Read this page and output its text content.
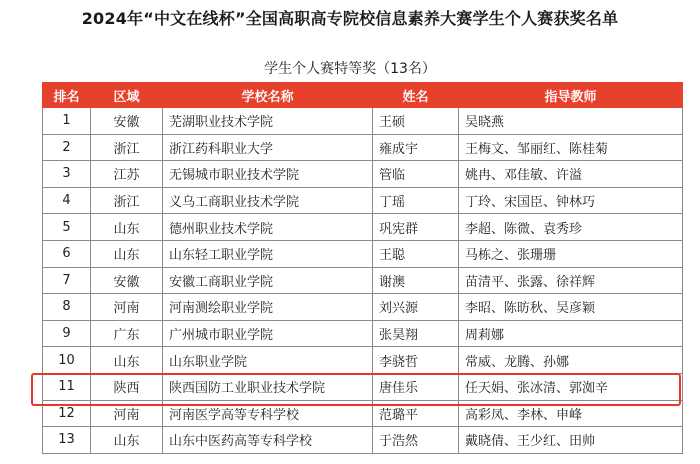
2024年“中文在线杯”全国高职高专院校信息素养大赛学生个人赛获奖名单
学生个人赛特等奖（13名）
排名	区域	学校名称	姓名	指导教师
1	安徽	芜湖职业技术学院	王硕	吴晓燕
2	浙江	浙江药科职业大学	雍成宇	王梅文、邹丽红、陈桂菊
3	江苏	无锡城市职业技术学院	管临	姚冉、邓佳敏、许溢
4	浙江	义乌工商职业技术学院	丁瑶	丁玲、宋国臣、钟林巧
5	山东	德州职业技术学院	巩宪群	李超、陈微、袁秀珍
6	山东	山东轻工职业学院	王聪	马栋之、张珊珊
7	安徽	安徽工商职业学院	谢澳	苗清平、张露、徐祥辉
8	河南	河南测绘职业学院	刘兴源	李昭、陈昉秋、吴彦颖
9	广东	广州城市职业学院	张昊翔	周莉娜
10	山东	山东职业学院	李骁哲	常威、龙腾、孙娜
11	陕西	陕西国防工业职业技术学院	唐佳乐	任天娟、张冰清、郭洳辛
12	河南	河南医学高等专科学校	范璐平	高彩凤、李林、申峰
13	山东	山东中医药高等专科学校	于浩然	戴晓倩、王少红、田帅
